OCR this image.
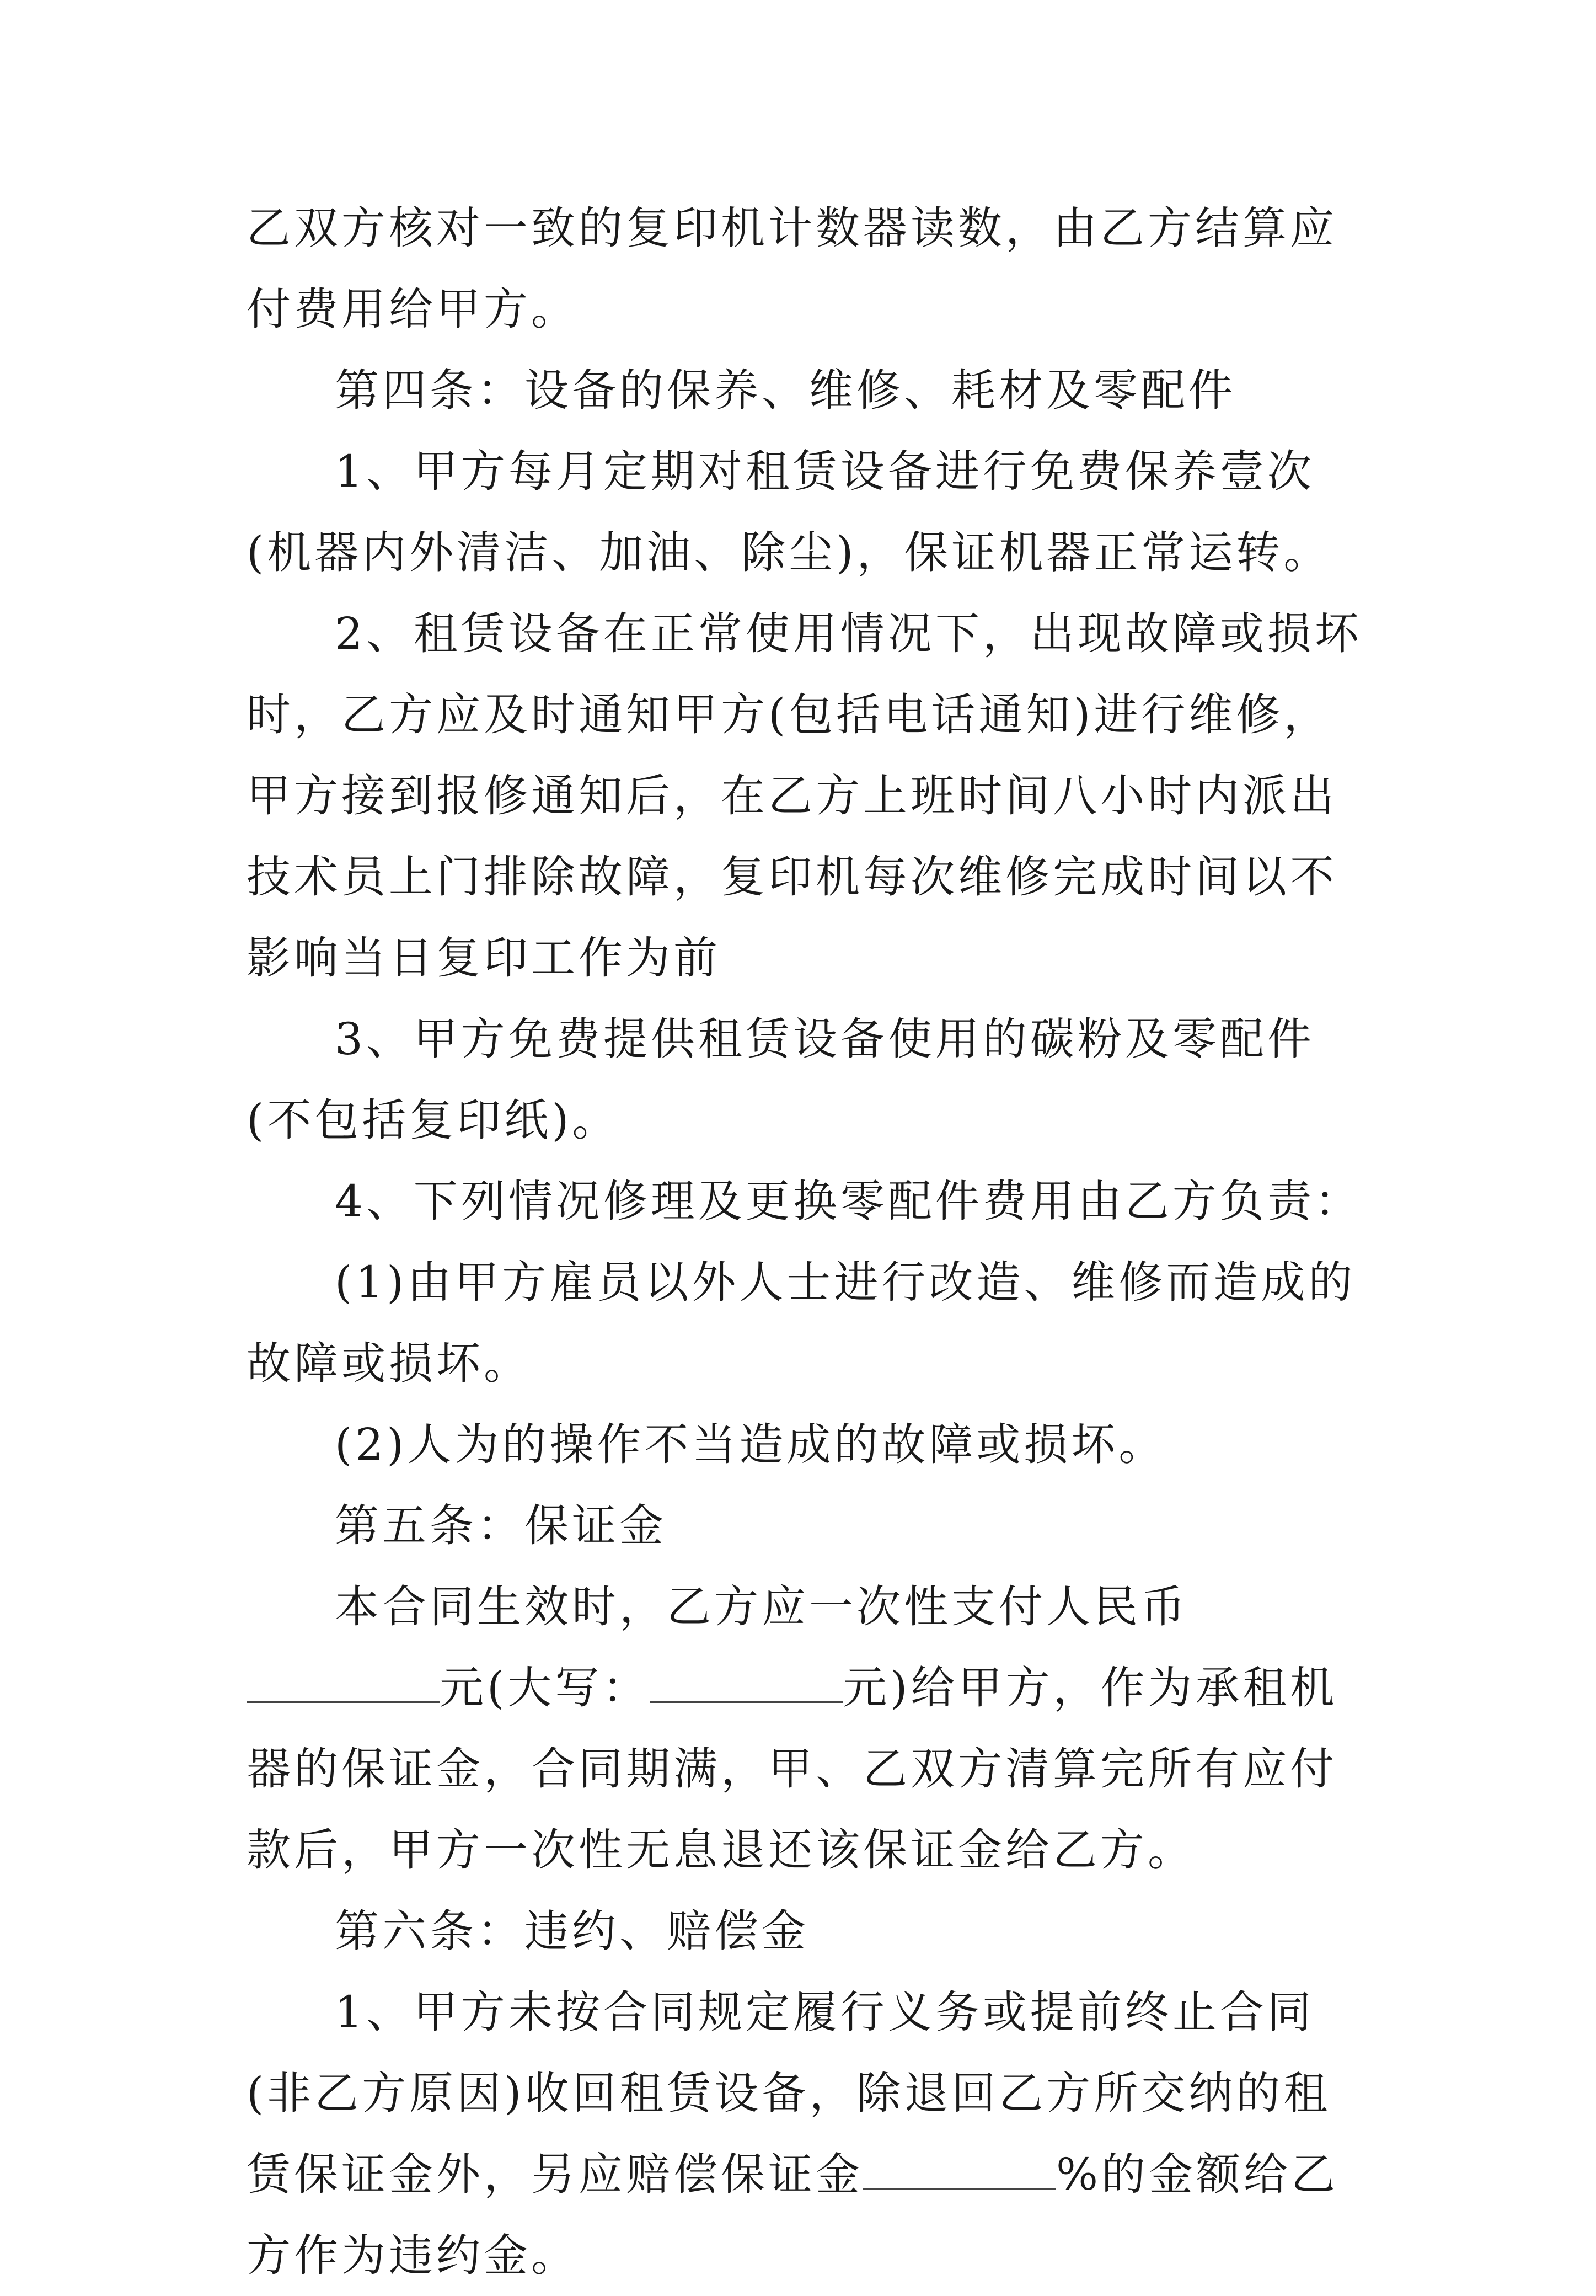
乙双方核对一致的复印机计数器读数，由乙方结算应付费用给甲方。

第四条：设备的保养、维修、耗材及零配件

1、甲方每月定期对租赁设备进行免费保养壹次(机器内外清洁、加油、除尘)，保证机器正常运转。

2、租赁设备在正常使用情况下，出现故障或损坏时，乙方应及时通知甲方(包括电话通知)进行维修，甲方接到报修通知后，在乙方上班时间八小时内派出技术员上门排除故障，复印机每次维修完成时间以不影响当日复印工作为前

3、甲方免费提供租赁设备使用的碳粉及零配件(不包括复印纸)。

4、下列情况修理及更换零配件费用由乙方负责：

(1)由甲方雇员以外人士进行改造、维修而造成的故障或损坏。

(2)人为的操作不当造成的故障或损坏。

第五条：保证金

本合同生效时，乙方应一次性支付人民币元(大写：	元)给甲方，作为承租机器的保证金，合同期满，甲、乙双方清算完所有应付款后，甲方一次性无息退还该保证金给乙方。

第六条：违约、赔偿金

1、甲方未按合同规定履行义务或提前终止合同(非乙方原因)收回租赁设备，除退回乙方所交纳的租赁保证金外，另应赔偿保证金	%的金额给乙方作为违约金。
